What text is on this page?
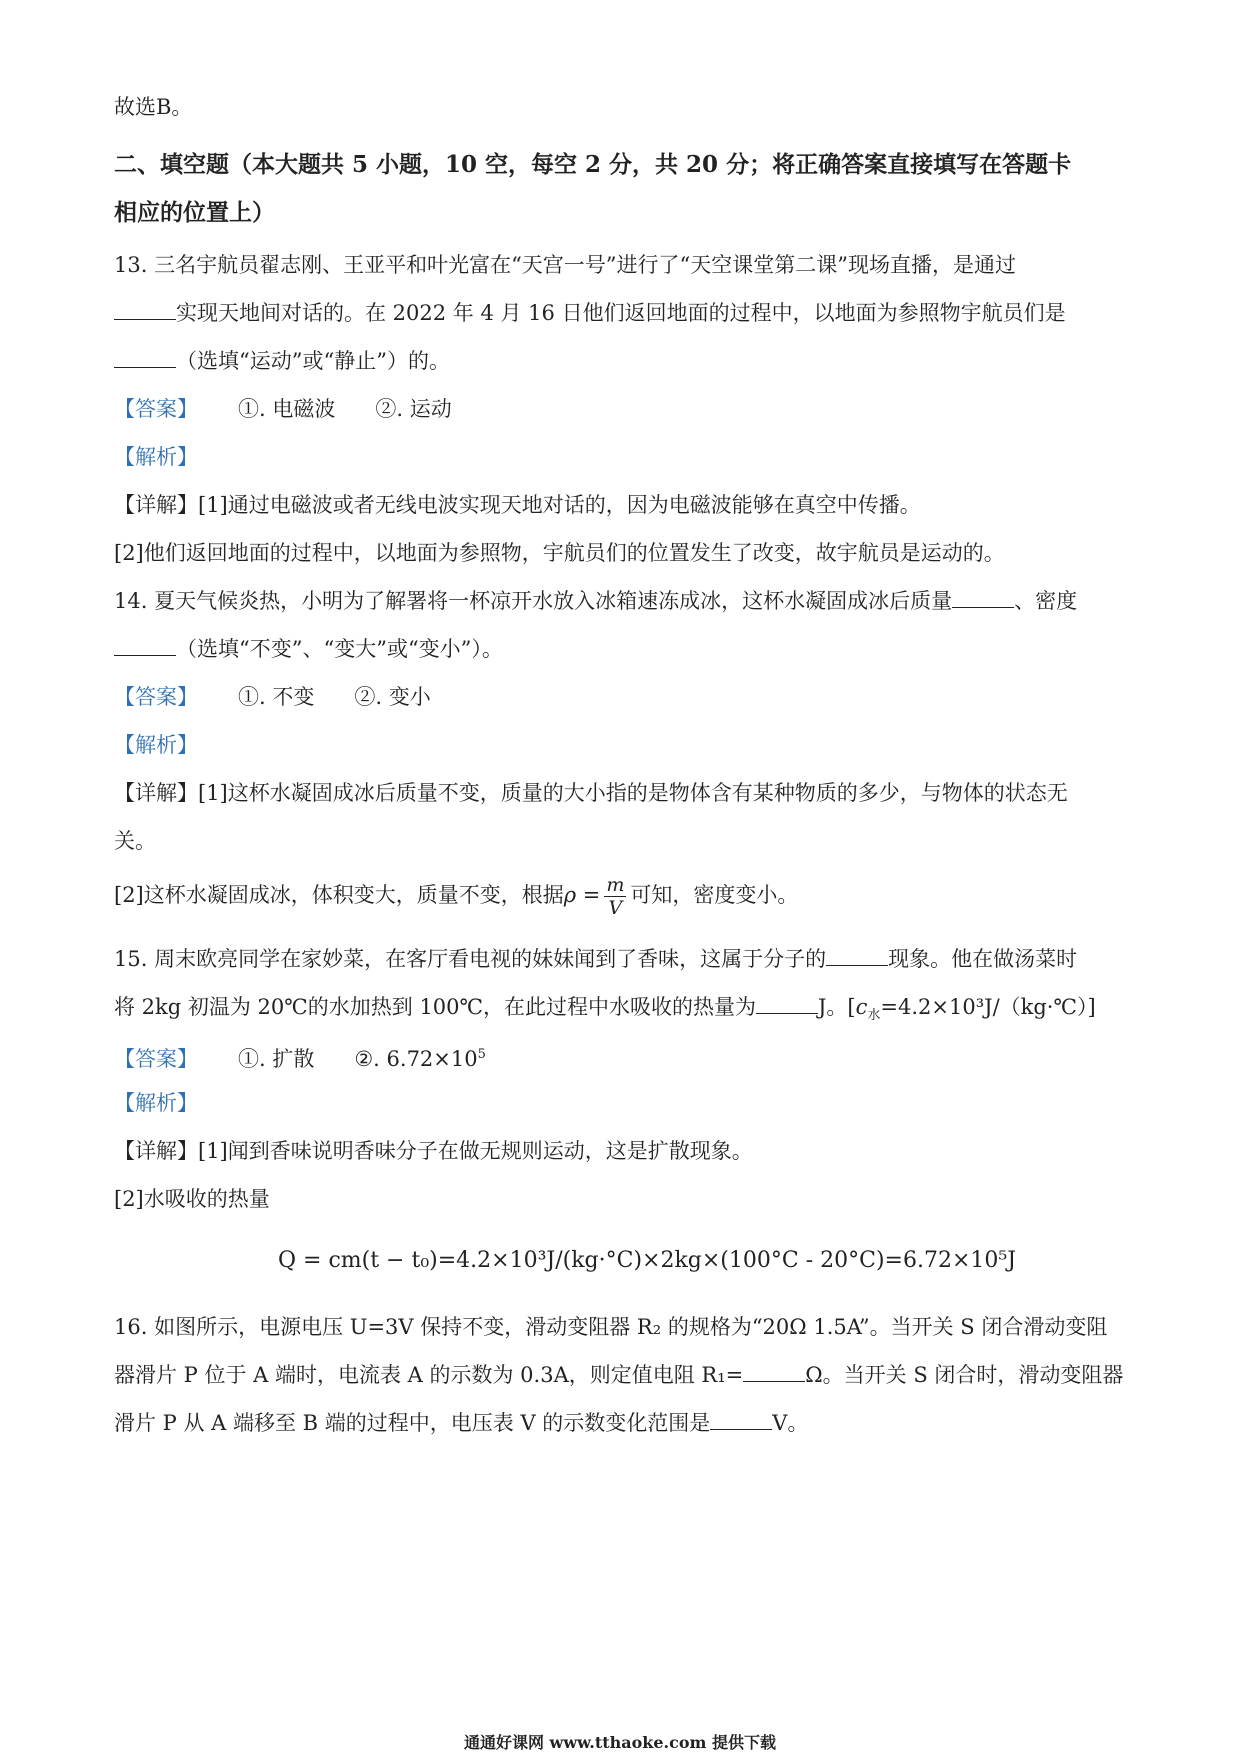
故选B。
二、填空题（本大题共 5 小题，10 空，每空 2 分，共 20 分；将正确答案直接填写在答题卡
相应的位置上）
13. 三名宇航员翟志刚、王亚平和叶光富在“天宫一号”进行了“天空课堂第二课”现场直播，是通过
实现天地间对话的。在 2022 年 4 月 16 日他们返回地面的过程中，以地面为参照物宇航员们是
（选填“运动”或“静止”）的。
【答案】 ①. 电磁波 ②. 运动
【解析】
【详解】[1]通过电磁波或者无线电波实现天地对话的，因为电磁波能够在真空中传播。
[2]他们返回地面的过程中，以地面为参照物，宇航员们的位置发生了改变，故宇航员是运动的。
14. 夏天气候炎热，小明为了解署将一杯凉开水放入冰箱速冻成冰，这杯水凝固成冰后质量	、密度
（选填“不变”、“变大”或“变小”）。
【答案】 ①. 不变 ②. 变小
【解析】
【详解】[1]这杯水凝固成冰后质量不变，质量的大小指的是物体含有某种物质的多少，与物体的状态无
关。
[2]这杯水凝固成冰，体积变大，质量不变，根据$\rho = \frac{m}{V}$ 可知，密度变小。
15. 周末欧亮同学在家妙菜，在客厅看电视的妹妹闻到了香味，这属于分子的	现象。他在做汤菜时
将 2kg 初温为 20℃的水加热到 100℃，在此过程中水吸收的热量为	J。$[c_水=4.2\times 10^3J/(kg\cdot℃)]$
【答案】 ①. 扩散 ②. $6.72\times 10^5$
【解析】
【详解】[1]闻到香味说明香味分子在做无规则运动，这是扩散现象。
[2]水吸收的热量
Q = cm(t − t₀)=4.2×10³J/(kg·°C)×2kg×(100°C - 20°C)=6.72×10⁵J
16. 如图所示，电源电压 U=3V 保持不变，滑动变阻器 R₂ 的规格为“20Ω 1.5A”。当开关 S 闭合滑动变阻
器滑片 P 位于 A 端时，电流表 A 的示数为 0.3A，则定值电阻 R₁=	Ω。当开关 S 闭合时，滑动变阻器
滑片 P 从 A 端移至 B 端的过程中，电压表 V 的示数变化范围是	V。
通通好课网 www.tthaoke.com 提供下载
